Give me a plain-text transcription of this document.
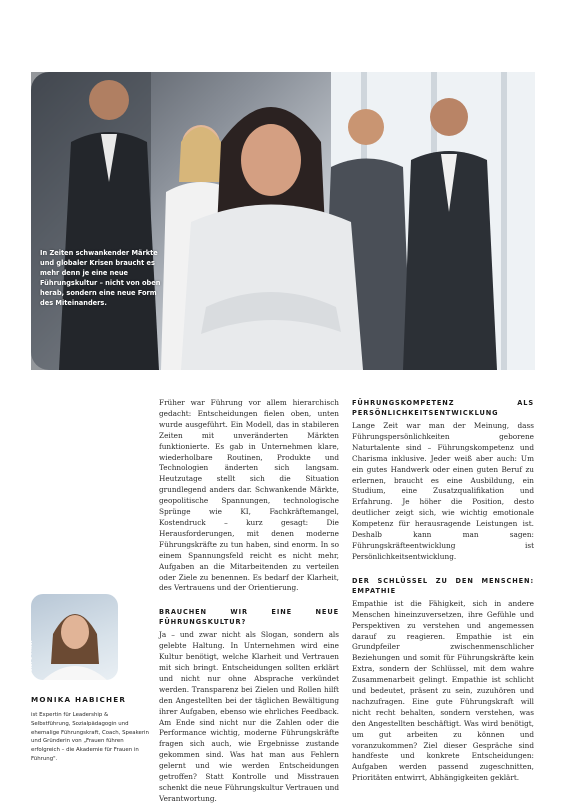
In Zeiten schwankender Märkte und globaler Krisen braucht es mehr denn je eine neue Führungskultur – nicht von oben herab, sondern eine neue Form des Miteinanders.

Früher war Führung vor allem hierarchisch gedacht: Entscheidungen fielen oben, unten wurde ausgeführt. Ein Modell, das in stabileren Zeiten mit unveränderten Märkten funktionierte. Es gab in Unternehmen klare, wiederholbare Routinen, Produkte und Technologien änderten sich langsam. Heutzutage stellt sich die Situation grundlegend anders dar. Schwankende Märkte, geopolitische Spannungen, technologische Sprünge wie KI, Fachkräftemangel, Kostendruck – kurz gesagt: Die Herausforderungen, mit denen moderne Führungskräfte zu tun haben, sind enorm. In so einem Spannungsfeld reicht es nicht mehr, Aufgaben an die Mitarbeitenden zu verteilen oder Ziele zu benennen. Es bedarf der Klarheit, des Vertrauens und der Orientierung.

BRAUCHEN WIR EINE NEUE FÜHRUNGSKULTUR?

Ja – und zwar nicht als Slogan, sondern als gelebte Haltung. In Unternehmen wird eine Kultur benötigt, welche Klarheit und Vertrauen mit sich bringt. Entscheidungen sollten erklärt und nicht nur ohne Absprache verkündet werden. Transparenz bei Zielen und Rollen hilft den Angestellten bei der täglichen Bewältigung ihrer Aufgaben, ebenso wie ehrliches Feedback. Am Ende sind nicht nur die Zahlen oder die Performance wichtig, moderne Führungskräfte fragen sich auch, wie Ergebnisse zustande gekommen sind. Was hat man aus Fehlern gelernt und wie werden Entscheidungen getroffen? Statt Kontrolle und Misstrauen schenkt die neue Führungskultur Vertrauen und Verantwortung.

FÜHRUNGSKOMPETENZ ALS PERSÖNLICHKEITSENTWICKLUNG

Lange Zeit war man der Meinung, dass Führungspersönlichkeiten geborene Naturtalente sind – Führungskompetenz und Charisma inklusive. Jeder weiß aber auch: Um ein gutes Handwerk oder einen guten Beruf zu erlernen, braucht es eine Ausbildung, ein Studium, eine Zusatzqualifikation und Erfahrung. Je höher die Position, desto deutlicher zeigt sich, wie wichtig emotionale Kompetenz für herausragende Leistungen ist. Deshalb kann man sagen: Führungskräfteentwicklung ist Persönlichkeitsentwicklung.

DER SCHLÜSSEL ZU DEN MENSCHEN: EMPATHIE

Empathie ist die Fähigkeit, sich in andere Menschen hineinzuversetzen, ihre Gefühle und Perspektiven zu verstehen und angemessen darauf zu reagieren. Empathie ist ein Grundpfeiler zwischenmenschlicher Beziehungen und somit für Führungskräfte kein Extra, sondern der Schlüssel, mit dem wahre Zusammenarbeit gelingt. Empathie ist schlicht und bedeutet, präsent zu sein, zuzuhören und nachzufragen. Eine gute Führungskraft will nicht recht behalten, sondern verstehen, was den Angestellten beschäftigt. Was wird benötigt, um gut arbeiten zu können und voranzukommen? Ziel dieser Gespräche sind handfeste und konkrete Entscheidungen: Aufgaben werden passend zugeschnitten, Prioritäten entwirrt, Abhängigkeiten geklärt.

Foto: © Privat
MONIKA HABICHER
ist Expertin für Leadership & Selbstführung, Sozialpädagogin und ehemalige Führungskraft, Coach, Speakerin und Gründerin von „Frauen führen erfolgreich – die Akademie für Frauen in Führung".
